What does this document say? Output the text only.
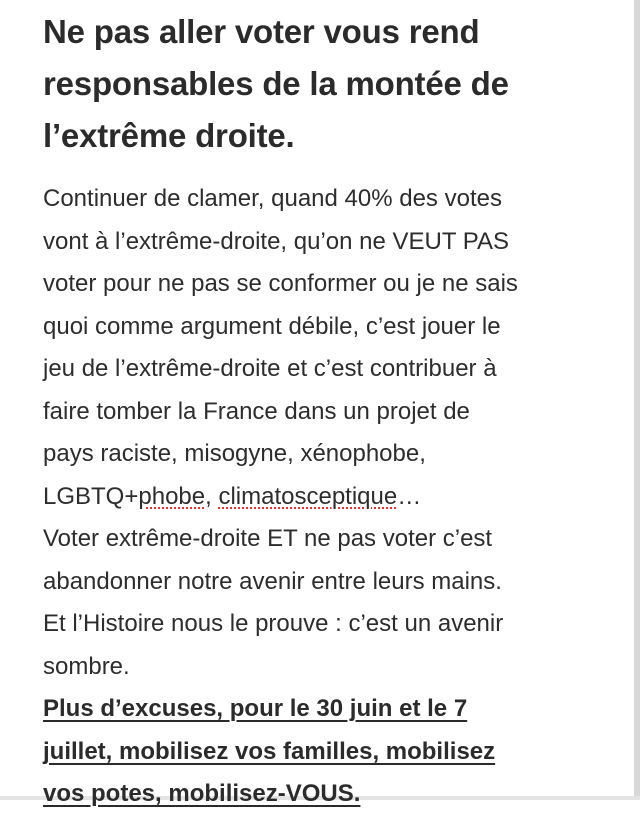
Ne pas aller voter vous rend
responsables de la montée de
l’extrême droite.
Continuer de clamer, quand 40% des votes
vont à l’extrême-droite, qu’on ne VEUT PAS
voter pour ne pas se conformer ou je ne sais
quoi comme argument débile, c’est jouer le
jeu de l’extrême-droite et c’est contribuer à
faire tomber la France dans un projet de
pays raciste, misogyne, xénophobe,
LGBTQ+phobe, climatosceptique…
Voter extrême-droite ET ne pas voter c’est
abandonner notre avenir entre leurs mains.
Et l’Histoire nous le prouve : c’est un avenir
sombre.
Plus d’excuses, pour le 30 juin et le 7
juillet, mobilisez vos familles, mobilisez
vos potes, mobilisez-VOUS.
